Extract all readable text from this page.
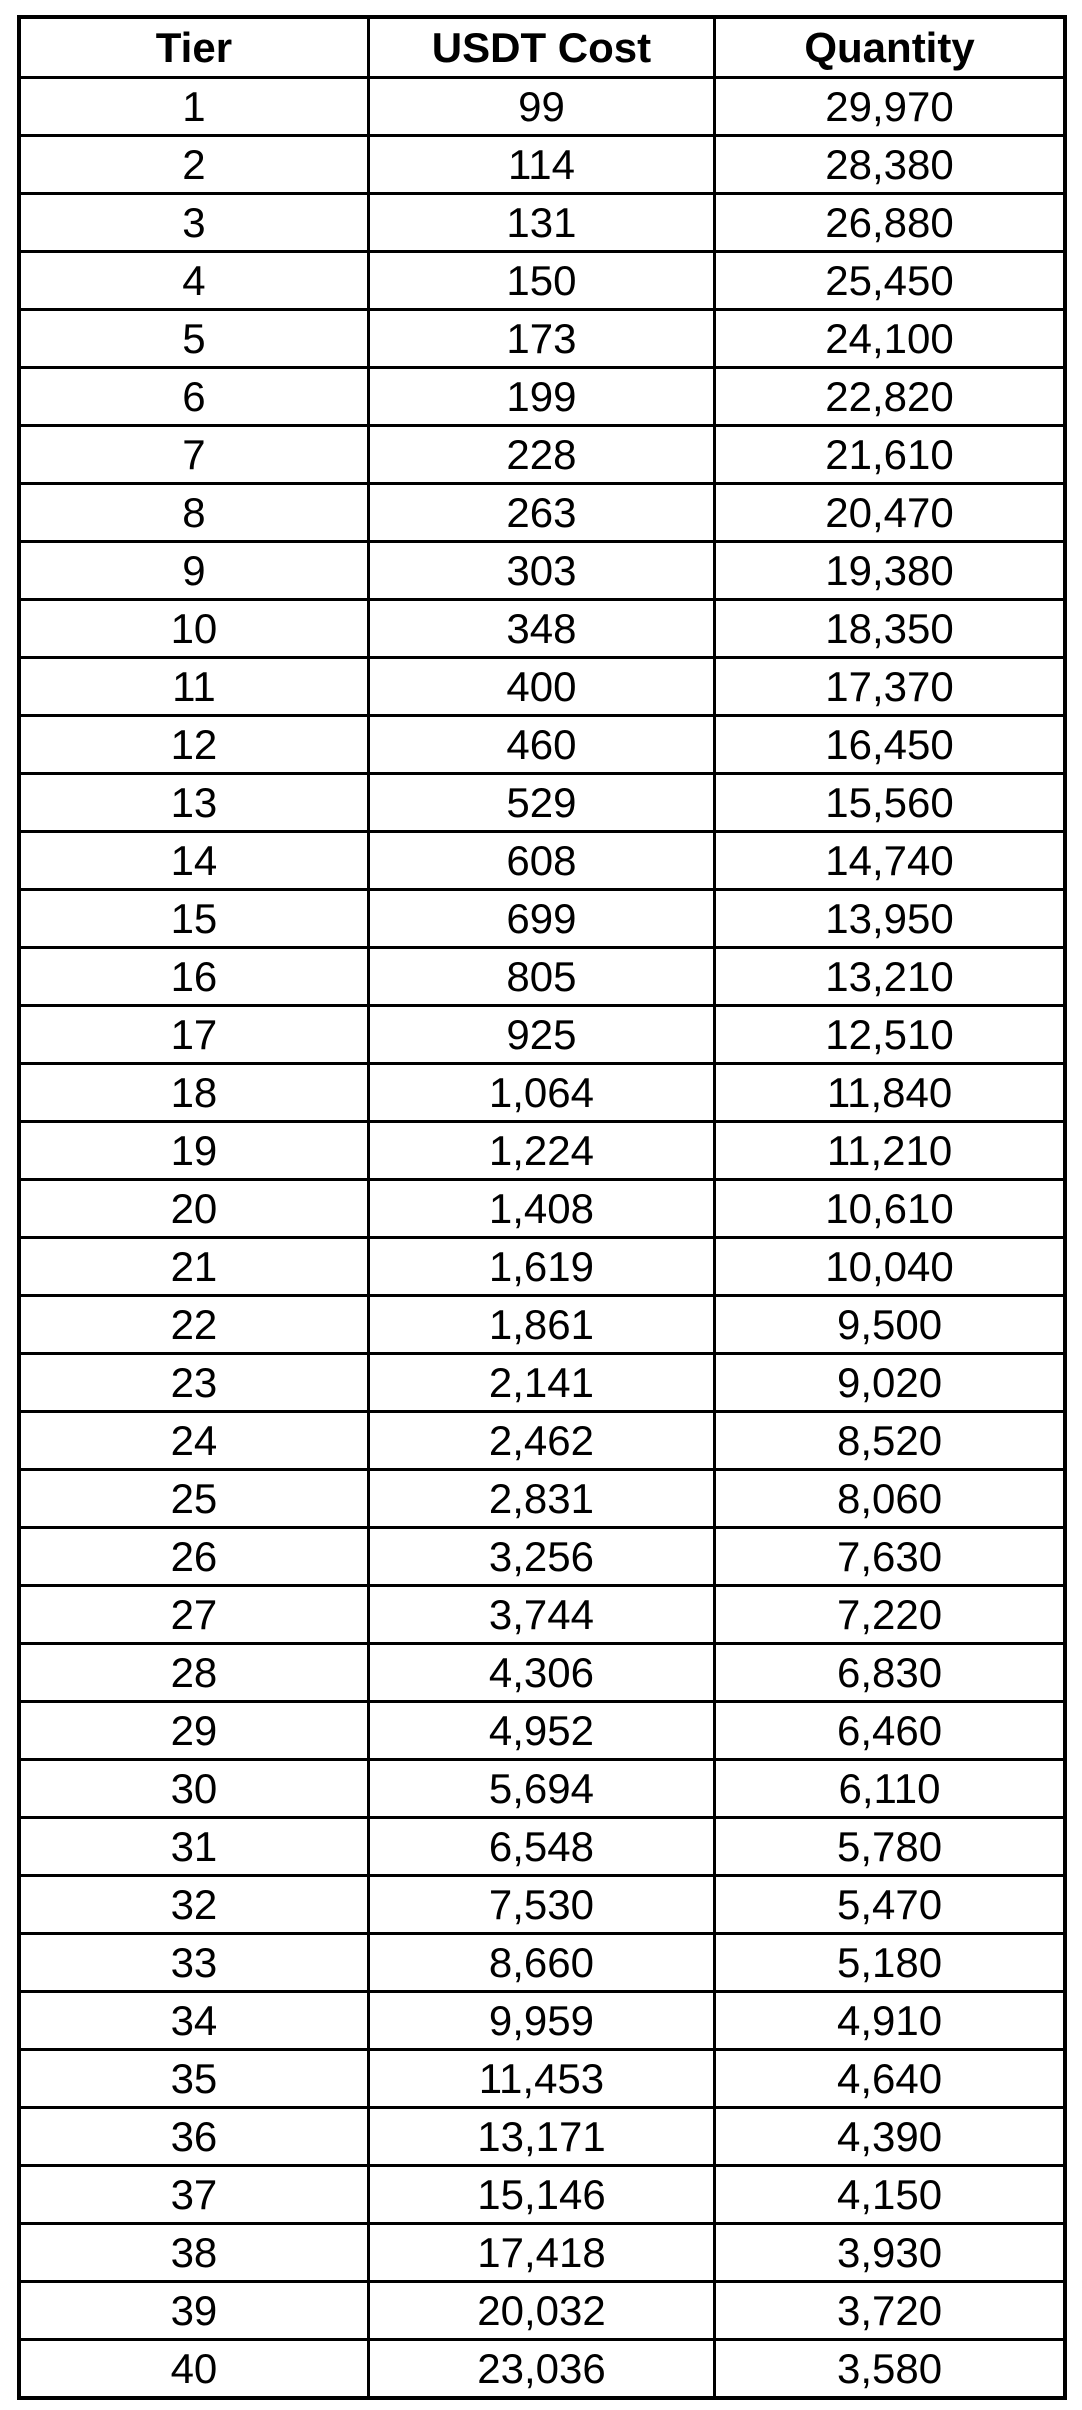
Tier	USDT Cost	Quantity
1	99	29,970
2	114	28,380
3	131	26,880
4	150	25,450
5	173	24,100
6	199	22,820
7	228	21,610
8	263	20,470
9	303	19,380
10	348	18,350
11	400	17,370
12	460	16,450
13	529	15,560
14	608	14,740
15	699	13,950
16	805	13,210
17	925	12,510
18	1,064	11,840
19	1,224	11,210
20	1,408	10,610
21	1,619	10,040
22	1,861	9,500
23	2,141	9,020
24	2,462	8,520
25	2,831	8,060
26	3,256	7,630
27	3,744	7,220
28	4,306	6,830
29	4,952	6,460
30	5,694	6,110
31	6,548	5,780
32	7,530	5,470
33	8,660	5,180
34	9,959	4,910
35	11,453	4,640
36	13,171	4,390
37	15,146	4,150
38	17,418	3,930
39	20,032	3,720
40	23,036	3,580
